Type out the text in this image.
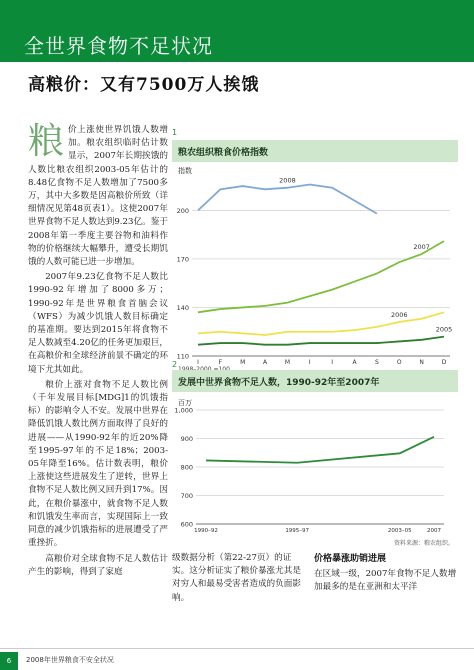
全世界食物不足状况
高粮价：又有7500万人挨饿

粮价上涨使世界饥饿人数增加。粮农组织临时估计数显示，2007年长期挨饿的人数比粮农组织2003-05年估计的8.48亿食物不足人数增加了7500多万，其中大多数是因高粮价所致（详细情况见第48页表1）。这使2007年世界食物不足人数达到9.23亿。鉴于2008年第一季度主要谷物和油料作物的价格继续大幅攀升，遭受长期饥饿的人数可能已进一步增加。

2007年9.23亿食物不足人数比1990-92年增加了8000多万；1990-92年是世界粮食首脑会议（WFS）为减少饥饿人数目标确定的基准期。要达到2015年将食物不足人数减至4.20亿的任务更加艰巨，在高粮价和全球经济前景不确定的环境下尤其如此。

粮价上涨对食物不足人数比例（千年发展目标[MDG]1的饥饿指标）的影响令人不安。发展中世界在降低饥饿人数比例方面取得了良好的进展——从1990-92年的近20%降至1995-97年的不足18%；2003-05年降至16%。估计数表明，粮价上涨使这些进展发生了逆转，世界上食物不足人数比例又回升到17%。因此，在粮价暴涨中，就食物不足人数和饥饿发生率而言，实现国际上一致同意的减少饥饿指标的进展遭受了严重挫折。

高粮价对全球食物不足人数估计产生的影响，得到了家庭

1
粮农组织粮食价格指数
指数
110
140
170
200
J	F	M	A	M	J	J	A	S	O	N	D
2008
2007
2006
2005
2
发展中世界食物不足人数，1990-92年至2007年
百万
600
700
800
900
1,000
1990–92	1995–97	2003–05	2007
资料来源：粮农组织。
级数据分析（第22-27页）的证实。这分析证实了粮价暴涨尤其是对穷人和最易受害者造成的负面影响。
价格暴涨助销进展
在区域一级，2007年食物不足人数增加最多的是在亚洲和太平洋
6	2008年世界粮食不安全状况
